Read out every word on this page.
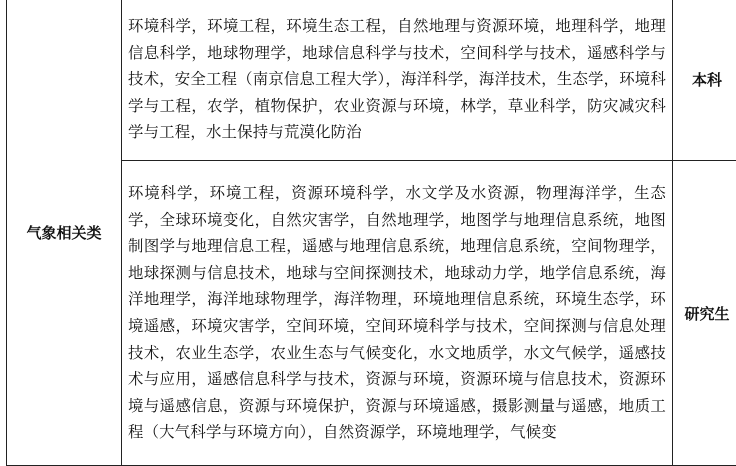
气象相关类	环境科学，环境工程，环境生态工程，自然地理与资源环境，地理科学，地理信息科学，地球物理学，地球信息科学与技术，空间科学与技术，遥感科学与技术，安全工程（南京信息工程大学），海洋科学，海洋技术，生态学，环境科学与工程，农学，植物保护，农业资源与环境，林学，草业科学，防灾减灾科学与工程，水土保持与荒漠化防治	本科

	环境科学，环境工程，资源环境科学，水文学及水资源，物理海洋学，生态学，全球环境变化，自然灾害学，自然地理学，地图学与地理信息系统，地图制图学与地理信息工程，遥感与地理信息系统，地理信息系统，空间物理学，地球探测与信息技术，地球与空间探测技术，地球动力学，地学信息系统，海洋地理学，海洋地球物理学，海洋物理，环境地理信息系统，环境生态学，环境遥感，环境灾害学，空间环境，空间环境科学与技术，空间探测与信息处理技术，农业生态学，农业生态与气候变化，水文地质学，水文气候学，遥感技术与应用，遥感信息科学与技术，资源与环境，资源环境与信息技术，资源环境与遥感信息，资源与环境保护，资源与环境遥感，摄影测量与遥感，地质工程（大气科学与环境方向），自然资源学，环境地理学，气候变	研究生
